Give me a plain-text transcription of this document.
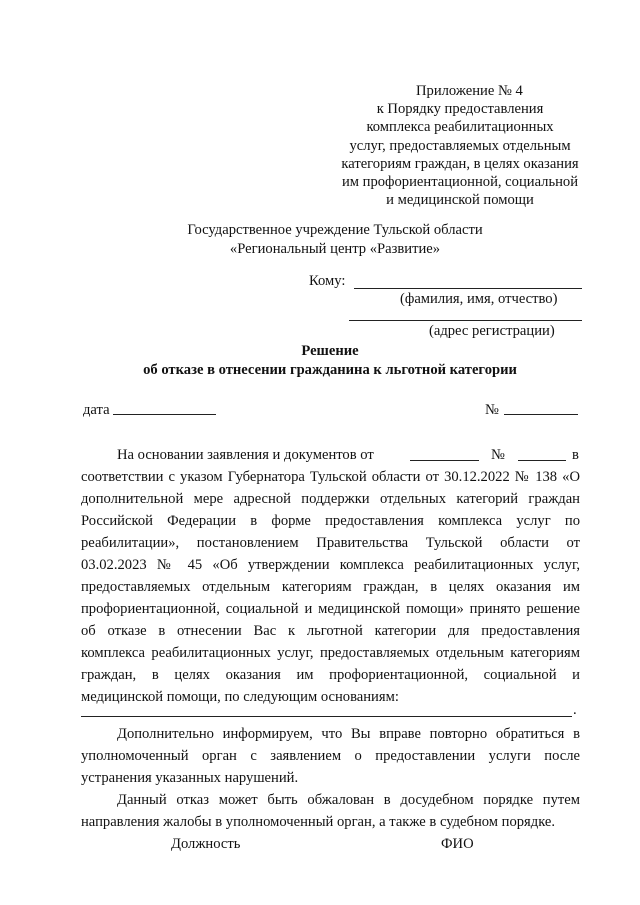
Приложение № 4

к Порядку предоставления

комплекса реабилитационных

услуг, предоставляемых отдельным

категориям граждан, в целях оказания

им профориентационной, социальной

и медицинской помощи

Государственное учреждение Тульской области

«Региональный центр «Развитие»

Кому:

(фамилия, имя, отчество)

(адрес регистрации)

Решение

об отказе в отнесении гражданина к льготной категории

дата	№

На основании заявления и документов от	№	в

соответствии с указом Губернатора Тульской области от 30.12.2022 № 138 «О

дополнительной мере адресной поддержки отдельных категорий граждан

Российской Федерации в форме предоставления комплекса услуг по

реабилитации», постановлением Правительства Тульской области от

03.02.2023 № 45 «Об утверждении комплекса реабилитационных услуг,

предоставляемых отдельным категориям граждан, в целях оказания им

профориентационной, социальной и медицинской помощи» принято решение

об отказе в отнесении Вас к льготной категории для предоставления

комплекса реабилитационных услуг, предоставляемых отдельным категориям

граждан, в целях оказания им профориентационной, социальной и

медицинской помощи, по следующим основаниям:

.

Дополнительно информируем, что Вы вправе повторно обратиться в

уполномоченный орган с заявлением о предоставлении услуги после

устранения указанных нарушений.

Данный отказ может быть обжалован в досудебном порядке путем

направления жалобы в уполномоченный орган, а также в судебном порядке.

Должность	ФИО
